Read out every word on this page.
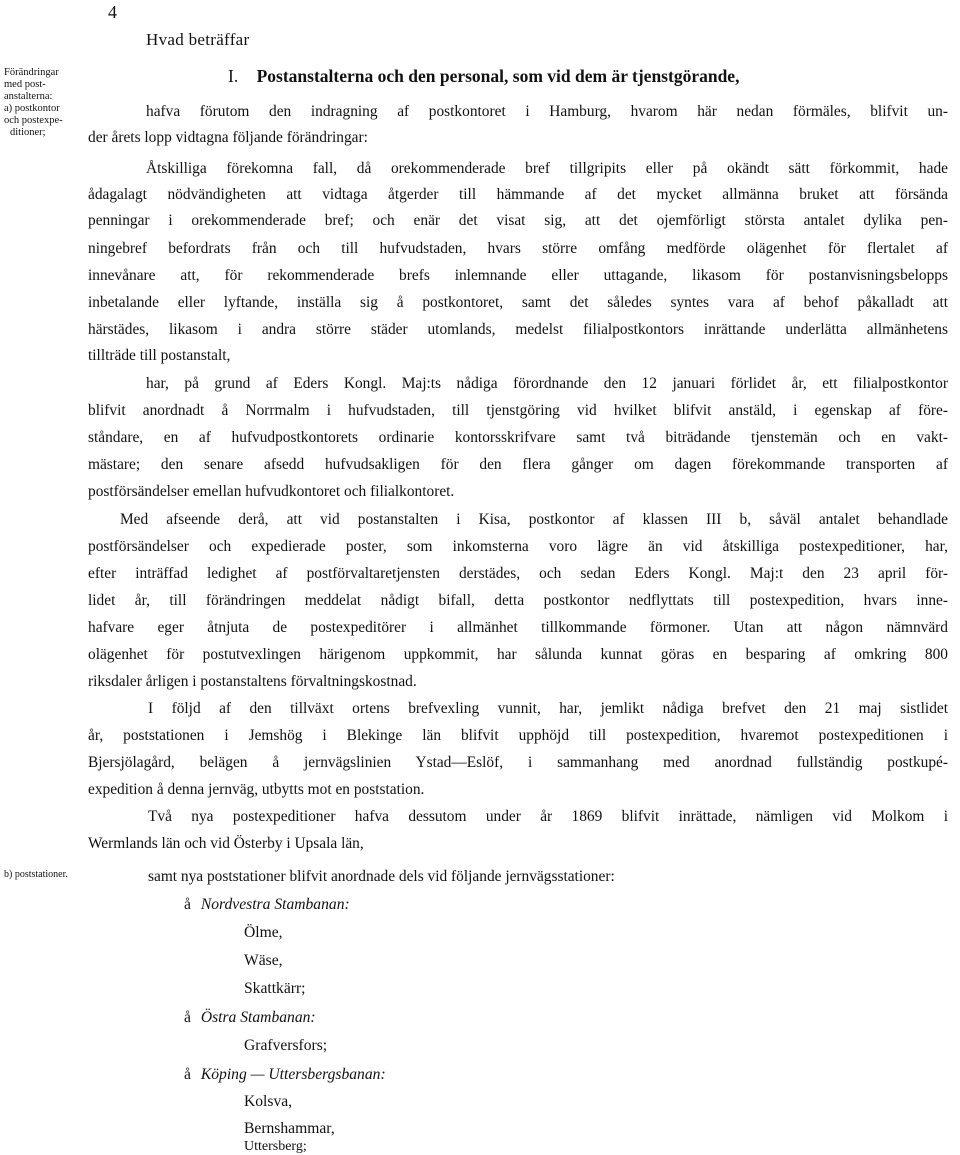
4
Hvad beträffar
Förändringar
med post-
anstalterna:
a) postkontor
och postexpe-
ditioner;
b) poststationer.
I. Postanstalterna och den personal, som vid dem är tjenstgörande,
hafva förutom den indragning af postkontoret i Hamburg, hvarom här nedan förmäles, blifvit un-
der årets lopp vidtagna följande förändringar:
Åtskilliga förekomna fall, då orekommenderade bref tillgripits eller på okändt sätt förkommit, hade
ådagalagt nödvändigheten att vidtaga åtgerder till hämmande af det mycket allmänna bruket att försända
penningar i orekommenderade bref; och enär det visat sig, att det ojemförligt största antalet dylika pen-
ningebref befordrats från och till hufvudstaden, hvars större omfång medförde olägenhet för flertalet af
innevånare att, för rekommenderade brefs inlemnande eller uttagande, likasom för postanvisningsbelopps
inbetalande eller lyftande, inställa sig å postkontoret, samt det således syntes vara af behof påkalladt att
härstädes, likasom i andra större städer utomlands, medelst filialpostkontors inrättande underlätta allmänhetens
tillträde till postanstalt,
har, på grund af Eders Kongl. Maj:ts nådiga förordnande den 12 januari förlidet år, ett filialpostkontor
blifvit anordnadt å Norrmalm i hufvudstaden, till tjenstgöring vid hvilket blifvit anstäld, i egenskap af före-
ståndare, en af hufvudpostkontorets ordinarie kontorsskrifvare samt två biträdande tjenstemän och en vakt-
mästare; den senare afsedd hufvudsakligen för den flera gånger om dagen förekommande transporten af
postförsändelser emellan hufvudkontoret och filialkontoret.
Med afseende derå, att vid postanstalten i Kisa, postkontor af klassen III b, såväl antalet behandlade
postförsändelser och expedierade poster, som inkomsterna voro lägre än vid åtskilliga postexpeditioner, har,
efter inträffad ledighet af postförvaltaretjensten derstädes, och sedan Eders Kongl. Maj:t den 23 april för-
lidet år, till förändringen meddelat nådigt bifall, detta postkontor nedflyttats till postexpedition, hvars inne-
hafvare eger åtnjuta de postexpeditörer i allmänhet tillkommande förmoner. Utan att någon nämnvärd
olägenhet för postutvexlingen härigenom uppkommit, har sålunda kunnat göras en besparing af omkring 800
riksdaler årligen i postanstaltens förvaltningskostnad.
I följd af den tillväxt ortens brefvexling vunnit, har, jemlikt nådiga brefvet den 21 maj sistlidet
år, poststationen i Jemshög i Blekinge län blifvit upphöjd till postexpedition, hvaremot postexpeditionen i
Bjersjölagård, belägen å jernvägslinien Ystad—Eslöf, i sammanhang med anordnad fullständig postkupé-
expedition å denna jernväg, utbytts mot en poststation.
Två nya postexpeditioner hafva dessutom under år 1869 blifvit inrättade, nämligen vid Molkom i
Wermlands län och vid Österby i Upsala län,
samt nya poststationer blifvit anordnade dels vid följande jernvägsstationer:
å Nordvestra Stambanan:
Ölme,
Wäse,
Skattkärr;
å Östra Stambanan:
Grafversfors;
å Köping — Uttersbergsbanan:
Kolsva,
Bernshammar,
Uttersberg;
